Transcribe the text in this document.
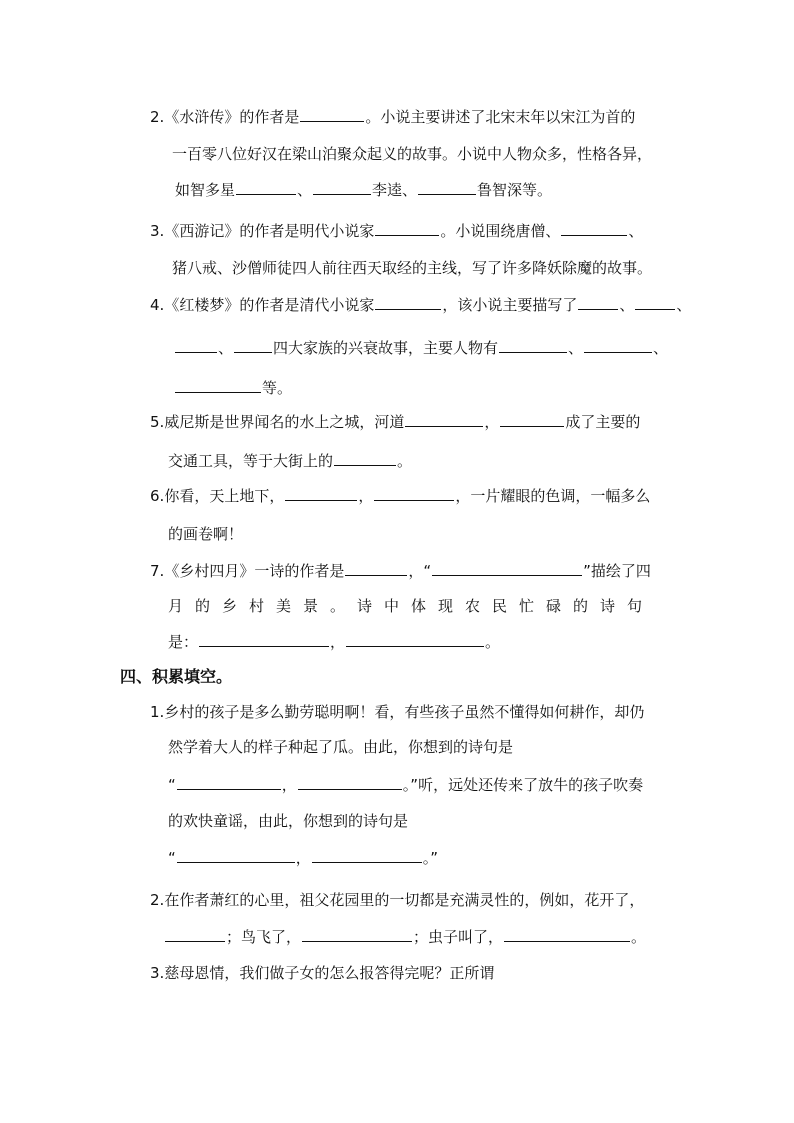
2.《水浒传》的作者是	。小说主要讲述了北宋末年以宋江为首的
一百零八位好汉在梁山泊聚众起义的故事。小说中人物众多，性格各异，
如智多星	、	李逵、	鲁智深等。
3.《西游记》的作者是明代小说家	。小说围绕唐僧、	、
猪八戒、沙僧师徒四人前往西天取经的主线，写了许多降妖除魔的故事。
4.《红楼梦》的作者是清代小说家	，该小说主要描写了	、	、
、	四大家族的兴衰故事，主要人物有	、	、
等。
5.威尼斯是世界闻名的水上之城，河道	，	成了主要的
交通工具，等于大街上的	。
6.你看，天上地下，	，	，一片耀眼的色调，一幅多么
的画卷啊！
7.《乡村四月》一诗的作者是	，“	”描绘了四
月的乡村美景。诗中体现农民忙碌的诗句
是：	，	。
四、积累填空。
1.乡村的孩子是多么勤劳聪明啊！看，有些孩子虽然不懂得如何耕作，却仍
然学着大人的样子种起了瓜。由此，你想到的诗句是
“	，	。”听，远处还传来了放牛的孩子吹奏
的欢快童谣，由此，你想到的诗句是
“	，	。”
2.在作者萧红的心里，祖父花园里的一切都是充满灵性的，例如，花开了，
；鸟飞了，	；虫子叫了，	。
3.慈母恩情，我们做子女的怎么报答得完呢？正所谓
